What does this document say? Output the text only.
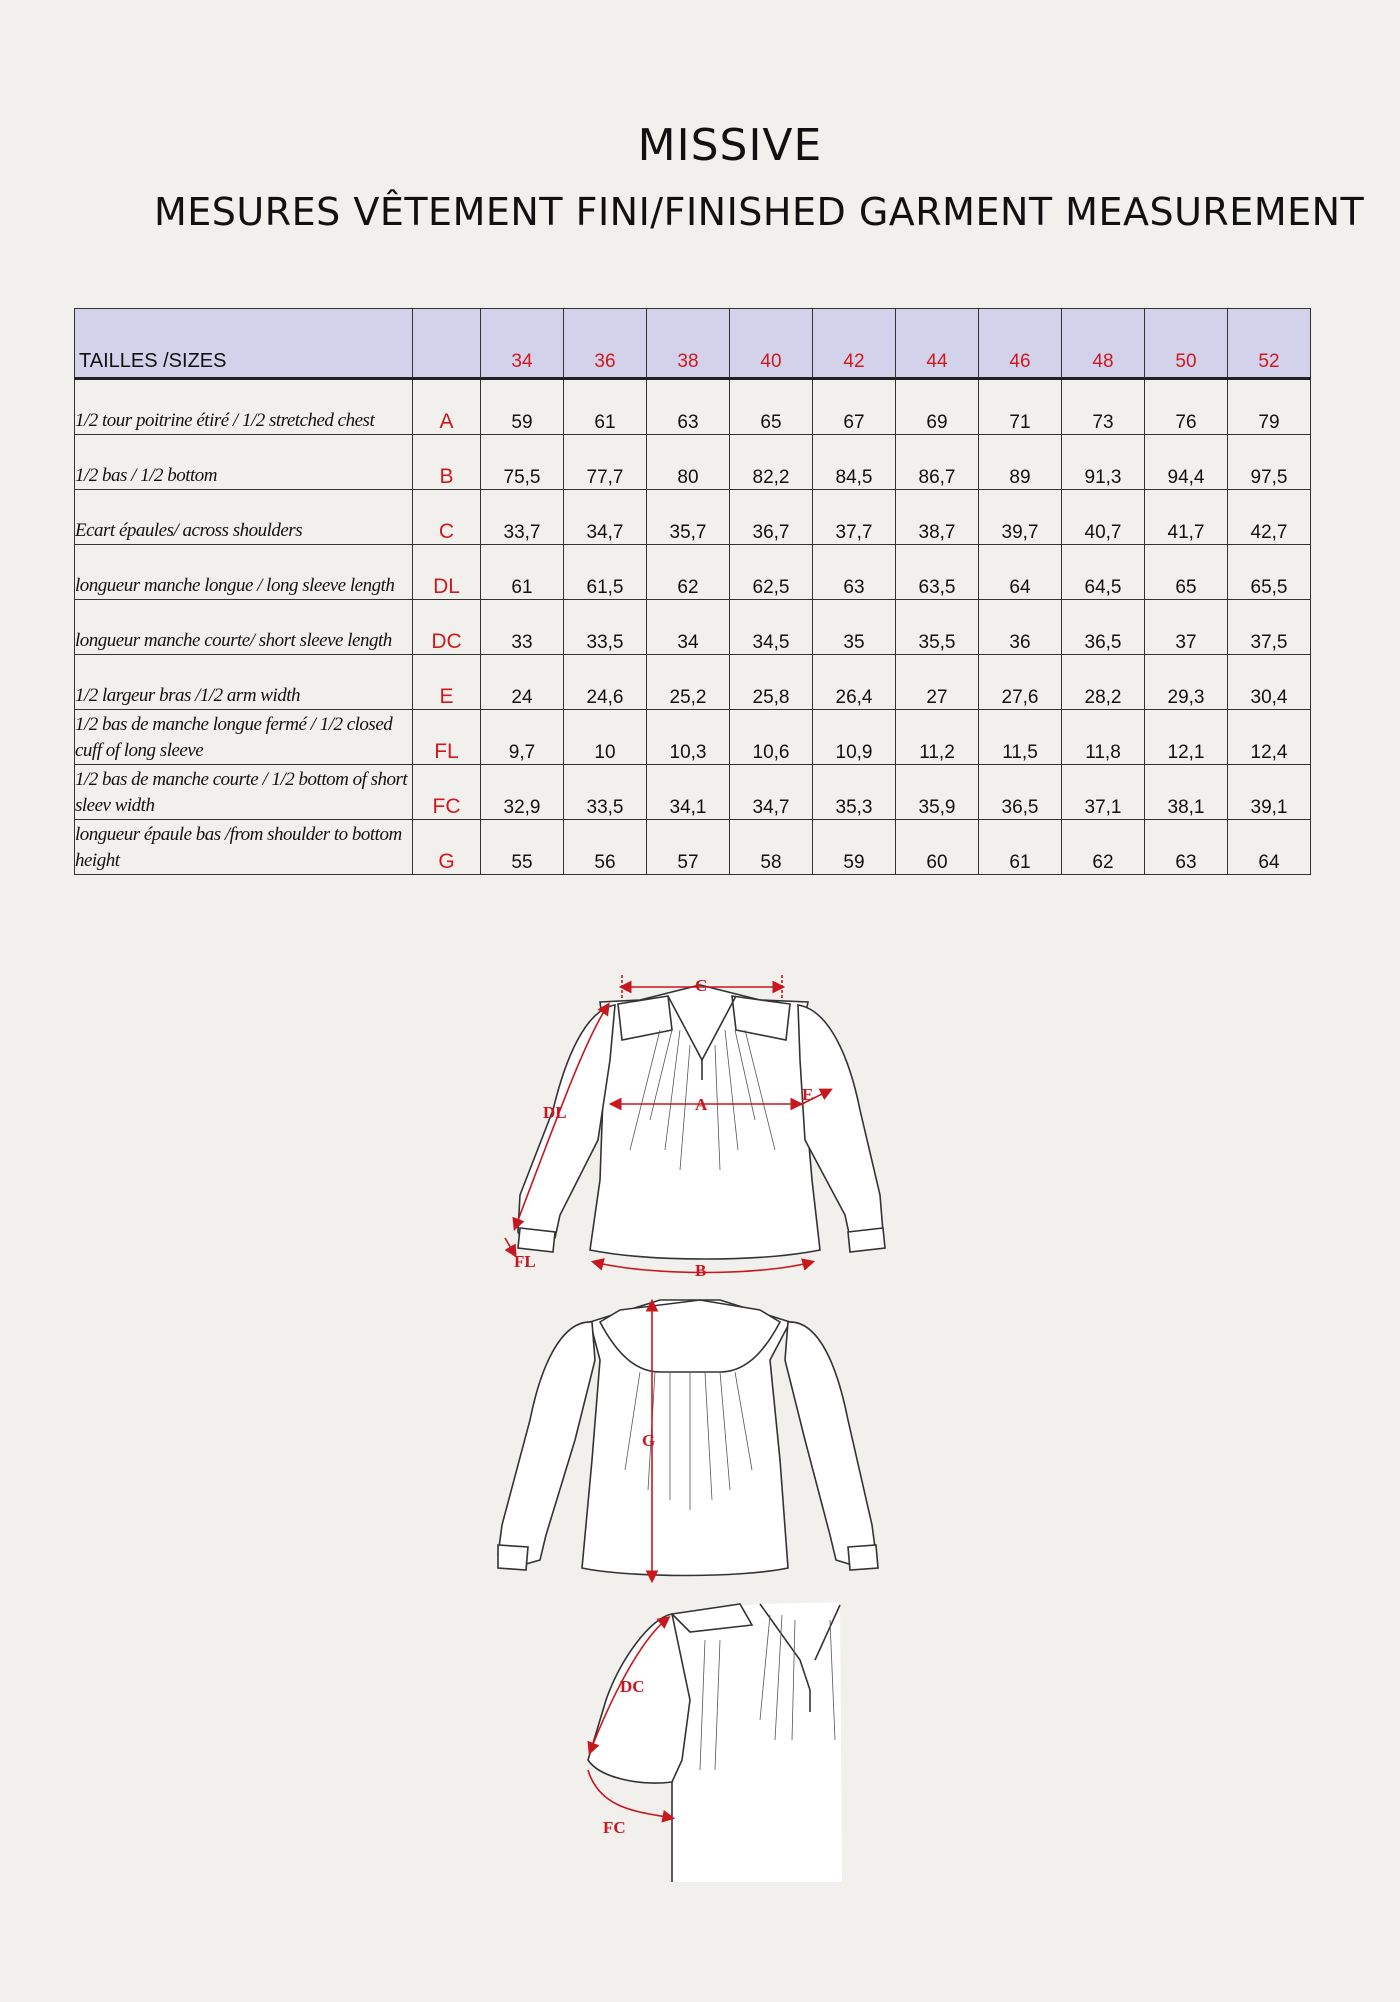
MISSIVE
MESURES VÊTEMENT FINI/FINISHED GARMENT MEASUREMENT
TAILLES /SIZES		34	36	38	40	42	44	46	48	50	52
1/2 tour poitrine étiré / 1/2 stretched chest	A	59	61	63	65	67	69	71	73	76	79
1/2 bas / 1/2 bottom	B	75,5	77,7	80	82,2	84,5	86,7	89	91,3	94,4	97,5
Ecart épaules/ across shoulders	C	33,7	34,7	35,7	36,7	37,7	38,7	39,7	40,7	41,7	42,7
longueur manche longue / long sleeve length	DL	61	61,5	62	62,5	63	63,5	64	64,5	65	65,5
longueur manche courte/ short sleeve length	DC	33	33,5	34	34,5	35	35,5	36	36,5	37	37,5
1/2 largeur bras /1/2 arm width	E	24	24,6	25,2	25,8	26,4	27	27,6	28,2	29,3	30,4
1/2 bas de manche longue fermé / 1/2 closed cuff of long sleeve	FL	9,7	10	10,3	10,6	10,9	11,2	11,5	11,8	12,1	12,4
1/2 bas de manche courte / 1/2 bottom of short sleev width	FC	32,9	33,5	34,1	34,7	35,3	35,9	36,5	37,1	38,1	39,1
longueur épaule bas /from shoulder to bottom height	G	55	56	57	58	59	60	61	62	63	64
C
A
E
DL
FL	B
G
DC
FC
